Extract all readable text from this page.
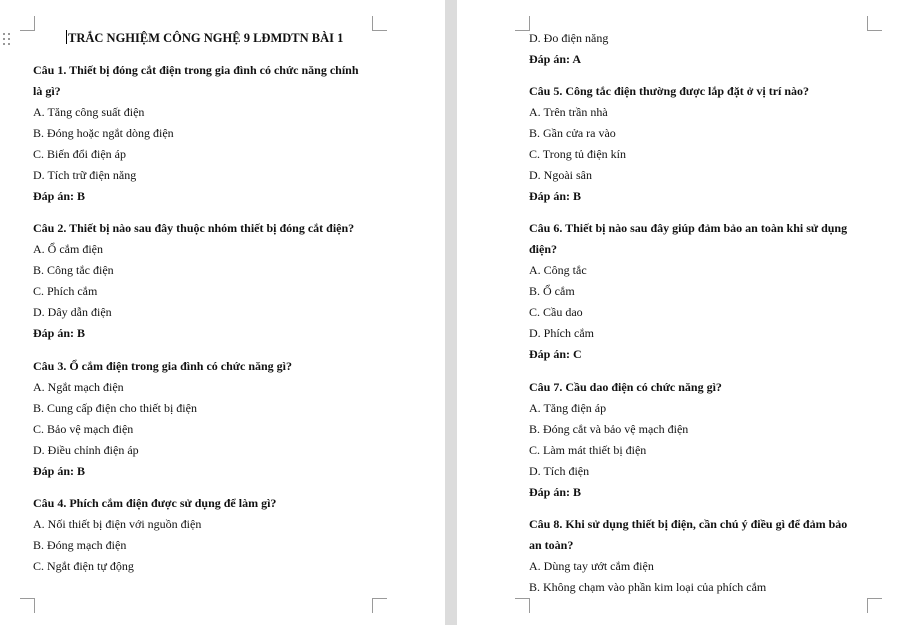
TRẮC NGHIỆM CÔNG NGHỆ 9 LĐMDTN BÀI 1
Câu 1. Thiết bị đóng cắt điện trong gia đình có chức năng chính
là gì?
A. Tăng công suất điện
B. Đóng hoặc ngắt dòng điện
C. Biến đổi điện áp
D. Tích trữ điện năng
Đáp án: B
Câu 2. Thiết bị nào sau đây thuộc nhóm thiết bị đóng cắt điện?
A. Ổ cắm điện
B. Công tắc điện
C. Phích cắm
D. Dây dẫn điện
Đáp án: B
Câu 3. Ổ cắm điện trong gia đình có chức năng gì?
A. Ngắt mạch điện
B. Cung cấp điện cho thiết bị điện
C. Bảo vệ mạch điện
D. Điều chỉnh điện áp
Đáp án: B
Câu 4. Phích cắm điện được sử dụng để làm gì?
A. Nối thiết bị điện với nguồn điện
B. Đóng mạch điện
C. Ngắt điện tự động
D. Đo điện năng
Đáp án: A
Câu 5. Công tắc điện thường được lắp đặt ở vị trí nào?
A. Trên trần nhà
B. Gần cửa ra vào
C. Trong tủ điện kín
D. Ngoài sân
Đáp án: B
Câu 6. Thiết bị nào sau đây giúp đảm bảo an toàn khi sử dụng
điện?
A. Công tắc
B. Ổ cắm
C. Cầu dao
D. Phích cắm
Đáp án: C
Câu 7. Cầu dao điện có chức năng gì?
A. Tăng điện áp
B. Đóng cắt và bảo vệ mạch điện
C. Làm mát thiết bị điện
D. Tích điện
Đáp án: B
Câu 8. Khi sử dụng thiết bị điện, cần chú ý điều gì để đảm bảo
an toàn?
A. Dùng tay ướt cắm điện
B. Không chạm vào phần kim loại của phích cắm
